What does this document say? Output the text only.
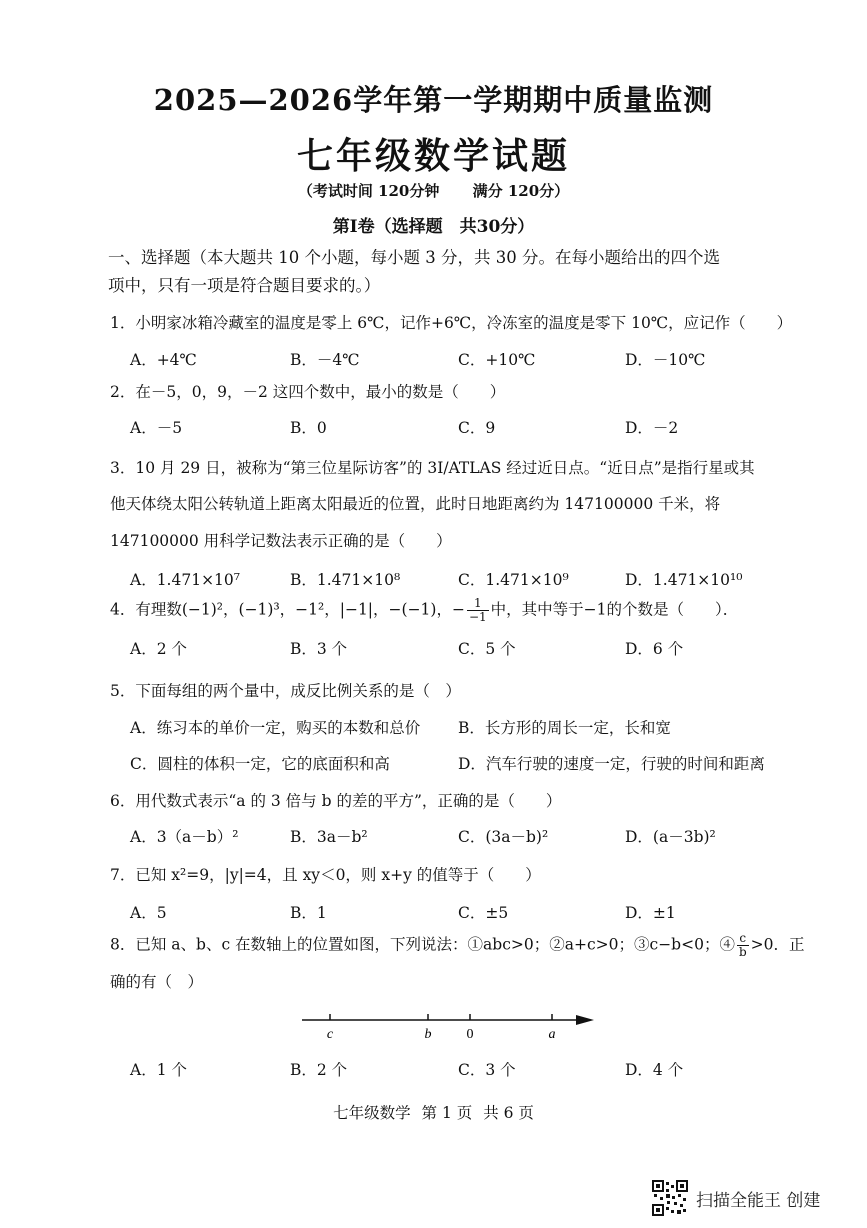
2025—2026学年第一学期期中质量监测
七年级数学试题
（考试时间 120分钟 满分 120分）
第Ⅰ卷（选择题　共30分）
一、选择题（本大题共 10 个小题，每小题 3 分，共 30 分。在每小题给出的四个选
项中，只有一项是符合题目要求的。）
1．小明家冰箱冷藏室的温度是零上 6℃，记作+6℃，冷冻室的温度是零下 10℃，应记作（　　）
A．+4℃	B．－4℃	C．+10℃	D．－10℃
2．在－5，0，9，－2 这四个数中，最小的数是（　　）
A．－5	B．0	C．9	D．－2
3．10 月 29 日，被称为“第三位星际访客”的 3I/ATLAS 经过近日点。“近日点”是指行星或其
他天体绕太阳公转轨道上距离太阳最近的位置，此时日地距离约为 147100000 千米，将
147100000 用科学记数法表示正确的是（　　）
A．1.471×10⁷	B．1.471×10⁸	C．1.471×10⁹	D．1.471×10¹⁰
4．有理数(−1)²，(−1)³，−1²，|−1|，−(−1)，− $\frac{1}{-1}$ 中，其中等于−1的个数是（　　）．
A．2 个	B．3 个	C．5 个	D．6 个
5．下面每组的两个量中，成反比例关系的是（　）
A．练习本的单价一定，购买的本数和总价 B．长方形的周长一定，长和宽
C．圆柱的体积一定，它的底面积和高	D．汽车行驶的速度一定，行驶的时间和距离
6．用代数式表示“a 的 3 倍与 b 的差的平方”，正确的是（　　）
A．3（a－b）²	B．3a－b²	C．(3a－b)²	D．(a－3b)²
7．已知 x²=9，|y|=4，且 xy＜0，则 x+y 的值等于（　　）
A．5	B．1	C．±5	D．±1
8．已知 a、b、c 在数轴上的位置如图，下列说法：①abc>0；②a+c>0；③c−b<0；④ $\frac{c}{b} >0$．正
确的有（　）
c	b	0	a
A．1 个	B．2 个	C．3 个	D．4 个
七年级数学 第 1 页 共 6 页
扫描全能王 创建
